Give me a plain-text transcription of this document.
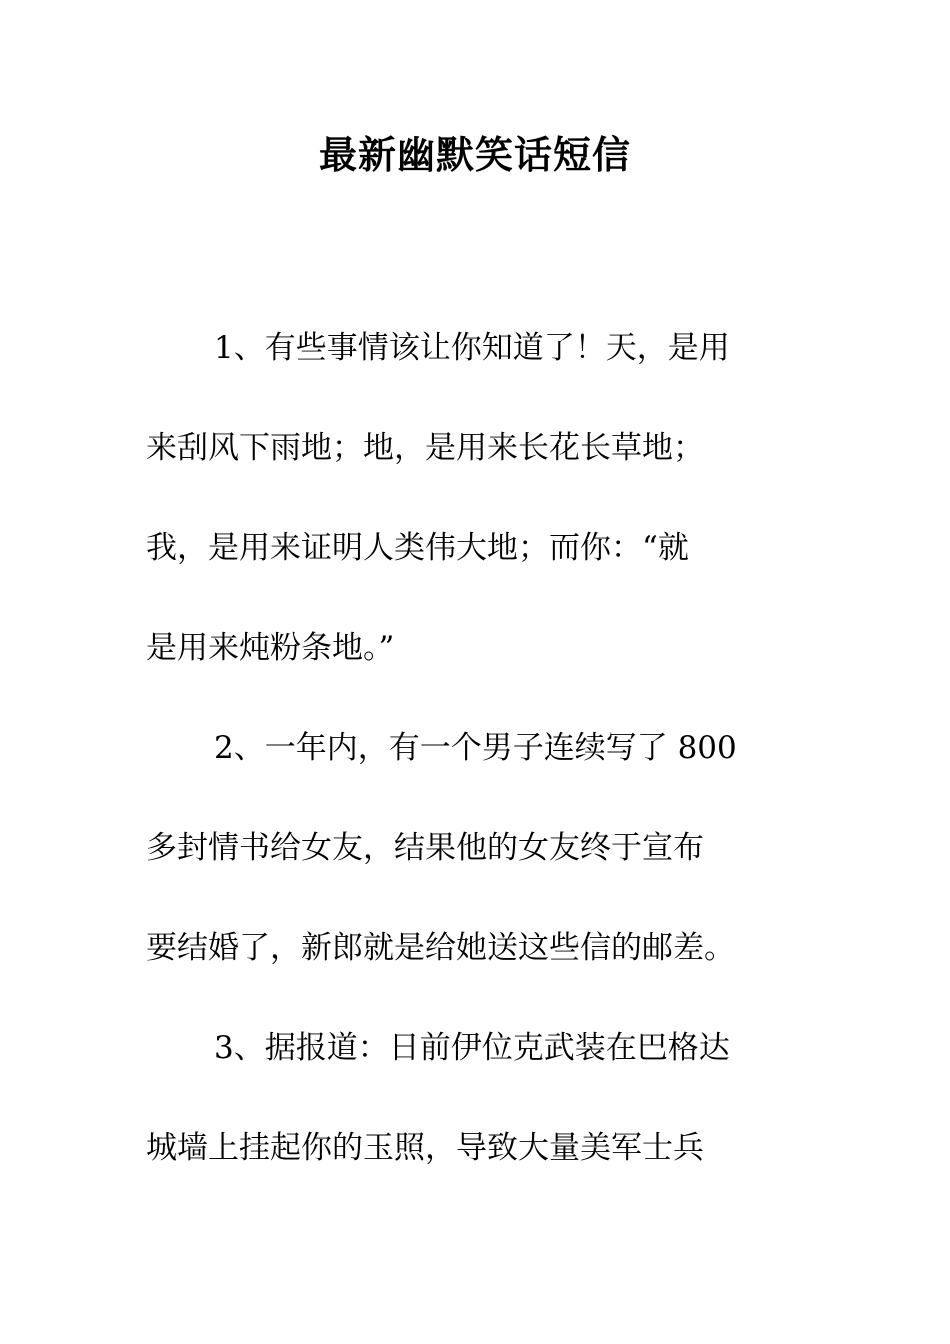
最新幽默笑话短信

1、有些事情该让你知道了！天，是用
来刮风下雨地；地，是用来长花长草地；
我，是用来证明人类伟大地；而你：“就
是用来炖粉条地。”

2、一年内，有一个男子连续写了 800
多封情书给女友，结果他的女友终于宣布
要结婚了，新郎就是给她送这些信的邮差。

3、据报道：日前伊位克武装在巴格达
城墙上挂起你的玉照，导致大量美军士兵
